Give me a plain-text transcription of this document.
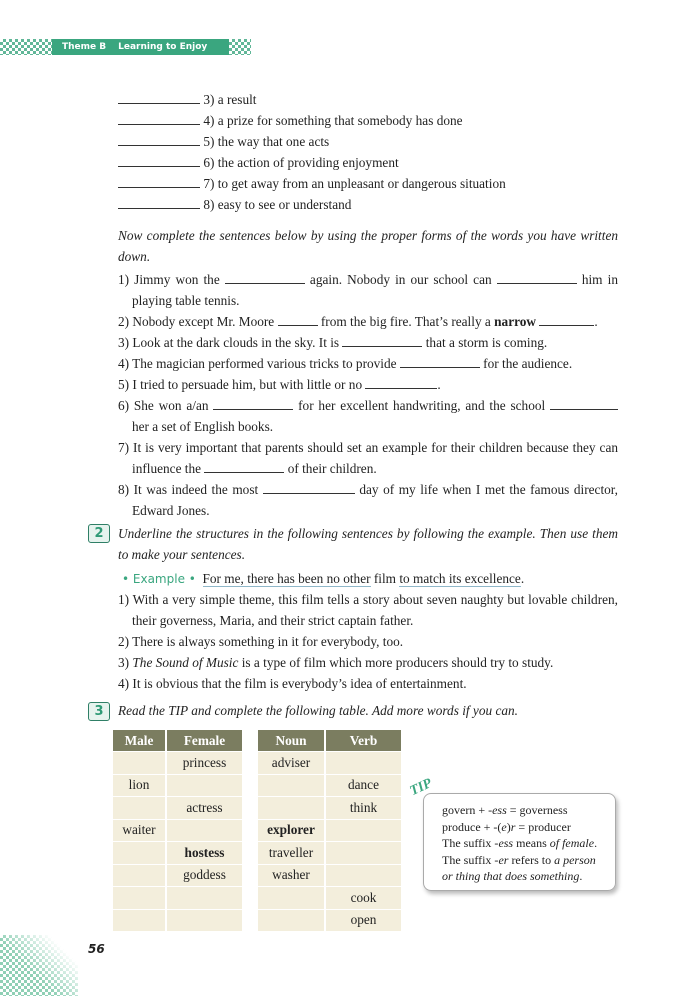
Theme B Learning to Enjoy
3) a result
4) a prize for something that somebody has done
5) the way that one acts
6) the action of providing enjoyment
7) to get away from an unpleasant or dangerous situation
8) easy to see or understand
Now complete the sentences below by using the proper forms of the words you have written down.
1) Jimmy won the	again. Nobody in our school can	him in playing table tennis.
2) Nobody except Mr. Moore	from the big fire. That’s really a narrow	.
3) Look at the dark clouds in the sky. It is	that a storm is coming.
4) The magician performed various tricks to provide	for the audience.
5) I tried to persuade him, but with little or no	.
6) She won a/an	for her excellent handwriting, and the school  her a set of English books.
7) It is very important that parents should set an example for their children because they can influence the	of their children.
8) It was indeed the most	day of my life when I met the famous director, Edward Jones.
2	Underline the structures in the following sentences by following the example. Then use them to make your sentences.
• Example • For me, there has been no other film to match its excellence.
1) With a very simple theme, this film tells a story about seven naughty but lovable children, their governess, Maria, and their strict captain father.
2) There is always something in it for everybody, too.
3) The Sound of Music is a type of film which more producers should try to study.
4) It is obvious that the film is everybody’s idea of entertainment.
3	Read the TIP and complete the following table. Add more words if you can.
Male	Female
	princess
lion	
	actress
waiter	
	hostess
	goddess

Noun	Verb
adviser	
	dance
	think
explorer	
traveller	
washer	
	cook
	open
TIP
govern + -ess = governess
produce + -(e)r = producer
The suffix -ess means of female.
The suffix -er refers to a person
or thing that does something.
56
